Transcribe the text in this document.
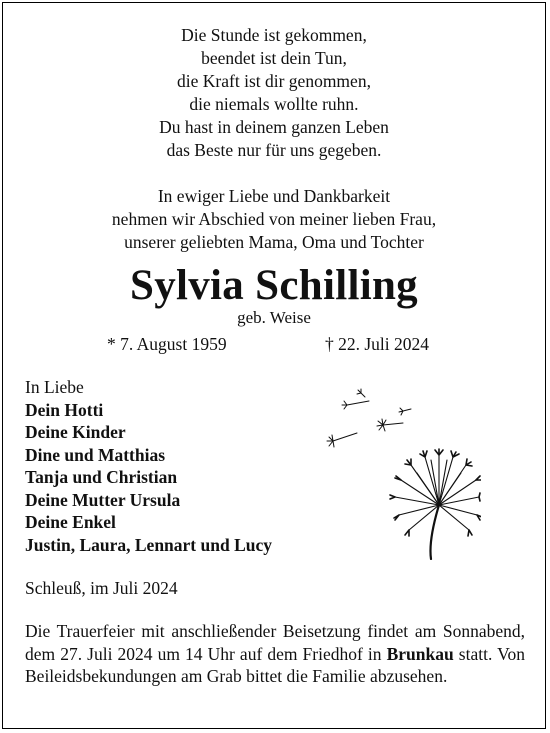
Die Stunde ist gekommen,
beendet ist dein Tun,
die Kraft ist dir genommen,
die niemals wollte ruhn.
Du hast in deinem ganzen Leben
das Beste nur für uns gegeben.
In ewiger Liebe und Dankbarkeit
nehmen wir Abschied von meiner lieben Frau,
unserer geliebten Mama, Oma und Tochter
Sylvia Schilling
geb. Weise
* 7. August 1959	† 22. Juli 2024
In Liebe
Dein Hotti
Deine Kinder
Dine und Matthias
Tanja und Christian
Deine Mutter Ursula
Deine Enkel
Justin, Laura, Lennart und Lucy
Schleuß, im Juli 2024
Die Trauerfeier mit anschließender Beisetzung findet am Sonnabend, dem 27. Juli 2024 um 14 Uhr auf dem Friedhof in Brunkau statt. Von Beileidsbekundungen am Grab bittet die Familie abzusehen.
